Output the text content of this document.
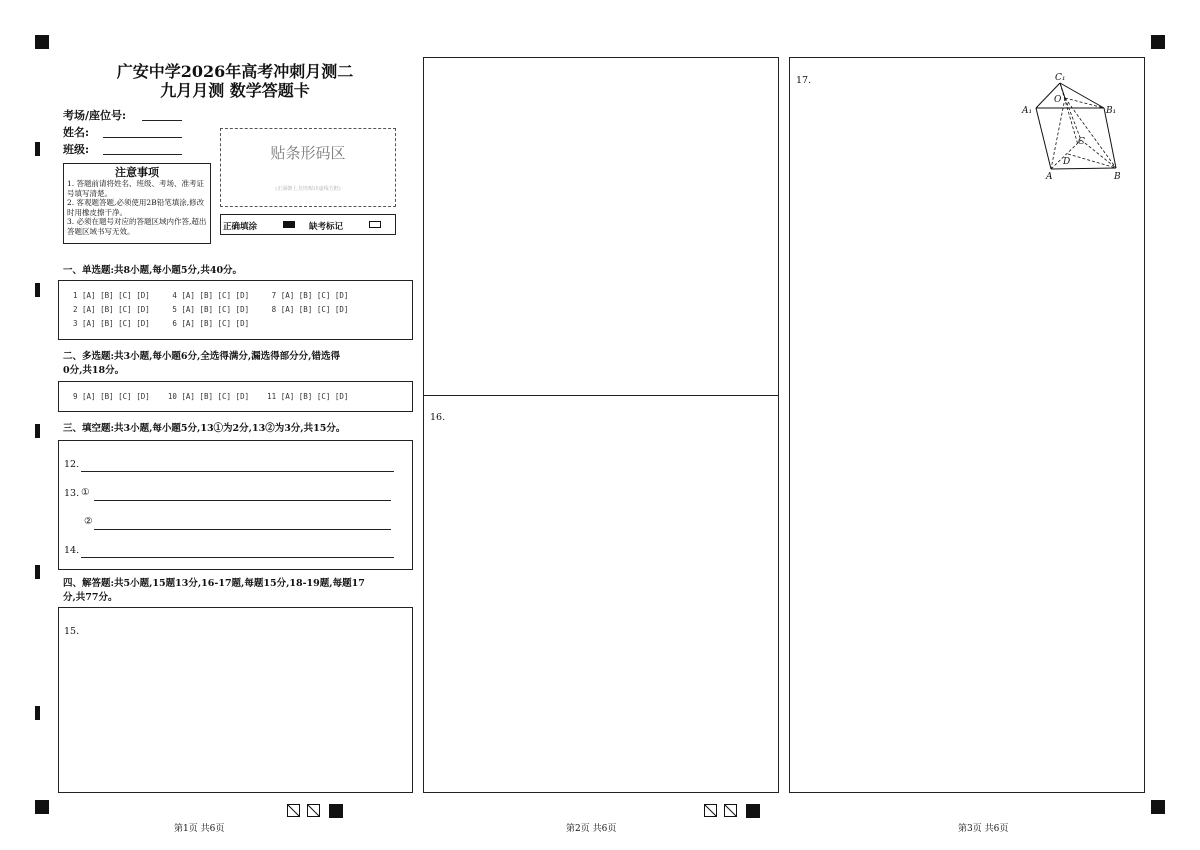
广安中学2026年高考冲刺月测二
九月月测 数学答题卡
考场/座位号:
姓名:
班级:
注意事项

1. 答题前请将姓名、班级、考场、准考证号填写清楚。

2. 客观题答题,必须使用2B铅笔填涂,修改时用橡皮擦干净。

3. 必须在题号对应的答题区域内作答,超出答题区域书写无效。

贴条形码区
(正面朝上,切勿贴出虚线方框)
正确填涂	缺考标记
一、单选题:共8小题,每小题5分,共40分。
1 [A] [B] [C] [D]     4 [A] [B] [C] [D]     7 [A] [B] [C] [D]
2 [A] [B] [C] [D]     5 [A] [B] [C] [D]     8 [A] [B] [C] [D]
3 [A] [B] [C] [D]     6 [A] [B] [C] [D]
二、多选题:共3小题,每小题6分,全选得满分,漏选得部分分,错选得
0分,共18分。
9 [A] [B] [C] [D]    10 [A] [B] [C] [D]    11 [A] [B] [C] [D]
三、填空题:共3小题,每小题5分,13①为2分,13②为3分,共15分。
12.
13. ①
②
14.
四、解答题:共5小题,15题13分,16-17题,每题15分,18-19题,每题17
分,共77分。
15.
第1页 共6页
16.
第2页 共6页
17.	C₁
O
A₁	B₁
C
D
A	B
第3页 共6页
